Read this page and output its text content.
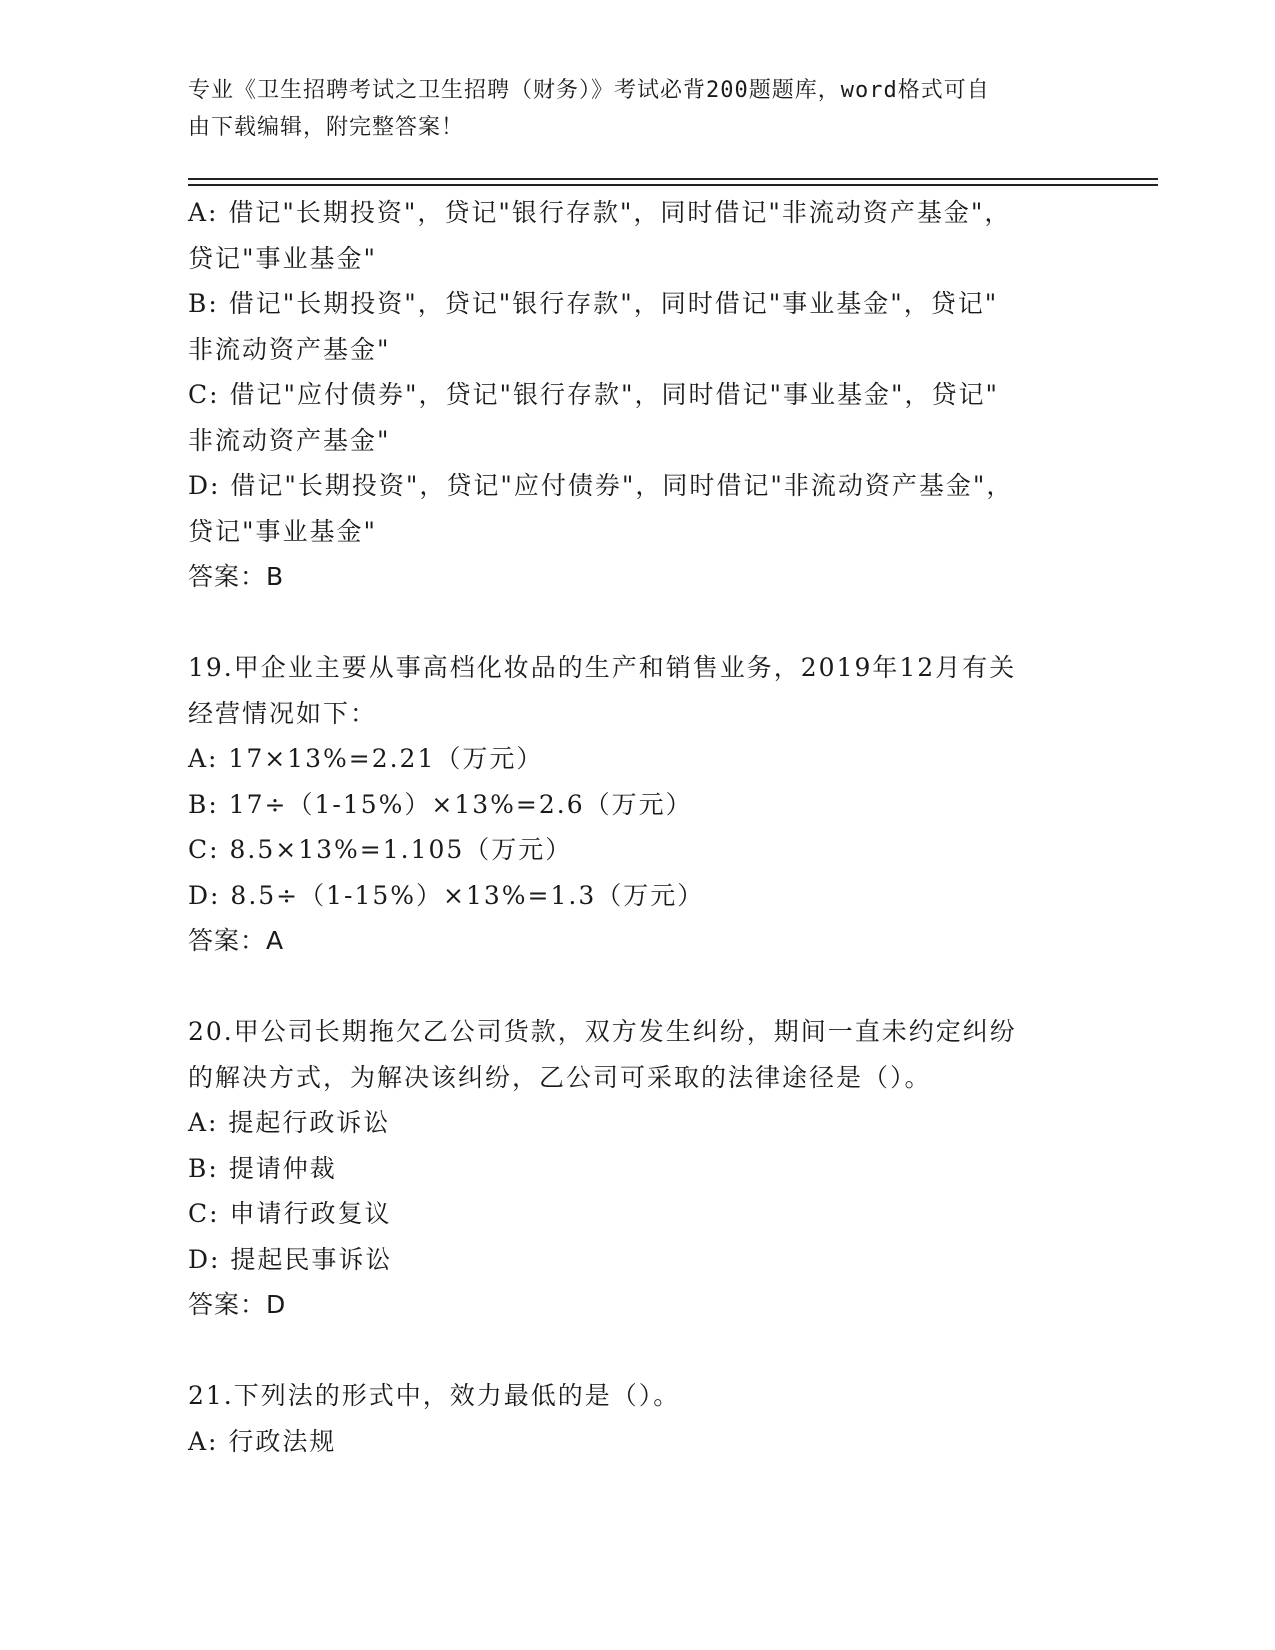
专业《卫生招聘考试之卫生招聘（财务）》考试必背200题题库，word格式可自
由下载编辑，附完整答案！

A: 借记"长期投资"，贷记"银行存款"，同时借记"非流动资产基金"，

贷记"事业基金"

B: 借记"长期投资"，贷记"银行存款"，同时借记"事业基金"，贷记"

非流动资产基金"

C: 借记"应付债券"，贷记"银行存款"，同时借记"事业基金"，贷记"

非流动资产基金"

D: 借记"长期投资"，贷记"应付债券"，同时借记"非流动资产基金"，

贷记"事业基金"

答案：B

19.甲企业主要从事高档化妆品的生产和销售业务，2019年12月有关

经营情况如下：

A: 17×13%=2.21（万元）

B: 17÷（1-15%）×13%=2.6（万元）

C: 8.5×13%=1.105（万元）

D: 8.5÷（1-15%）×13%=1.3（万元）

答案：A

20.甲公司长期拖欠乙公司货款，双方发生纠纷，期间一直未约定纠纷

的解决方式，为解决该纠纷，乙公司可采取的法律途径是（）。

A: 提起行政诉讼

B: 提请仲裁

C: 申请行政复议

D: 提起民事诉讼

答案：D

21.下列法的形式中，效力最低的是（）。

A: 行政法规
